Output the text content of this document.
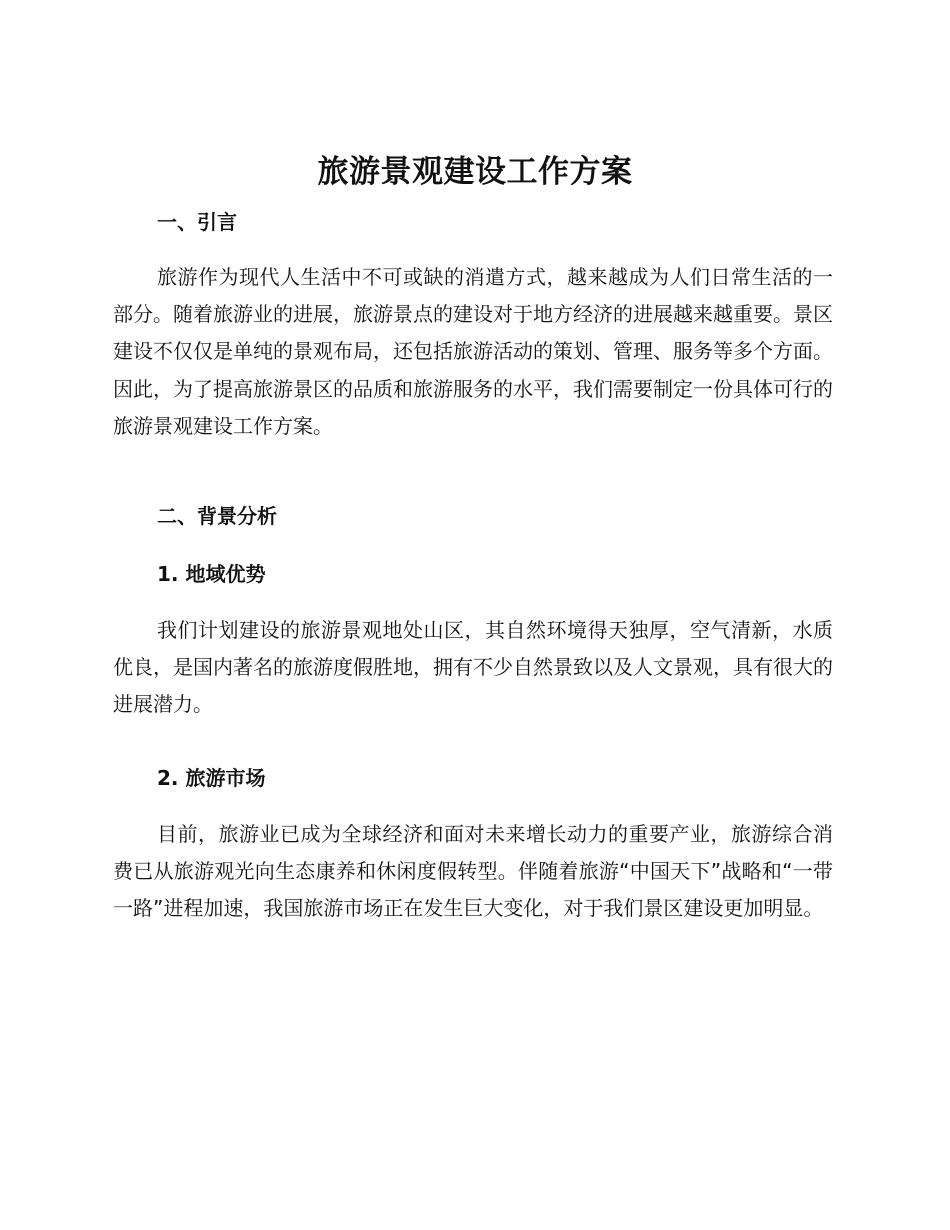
旅游景观建设工作方案
一、引言

旅游作为现代人生活中不可或缺的消遣方式，越来越成为人们日常生活的一部分。随着旅游业的进展，旅游景点的建设对于地方经济的进展越来越重要。景区建设不仅仅是单纯的景观布局，还包括旅游活动的策划、管理、服务等多个方面。因此，为了提高旅游景区的品质和旅游服务的水平，我们需要制定一份具体可行的旅游景观建设工作方案。

二、背景分析
1. 地域优势

我们计划建设的旅游景观地处山区，其自然环境得天独厚，空气清新，水质优良，是国内著名的旅游度假胜地，拥有不少自然景致以及人文景观，具有很大的进展潜力。

2. 旅游市场

目前，旅游业已成为全球经济和面对未来增长动力的重要产业，旅游综合消费已从旅游观光向生态康养和休闲度假转型。伴随着旅游“中国天下”战略和“一带一路”进程加速，我国旅游市场正在发生巨大变化，对于我们景区建设更加明显。
